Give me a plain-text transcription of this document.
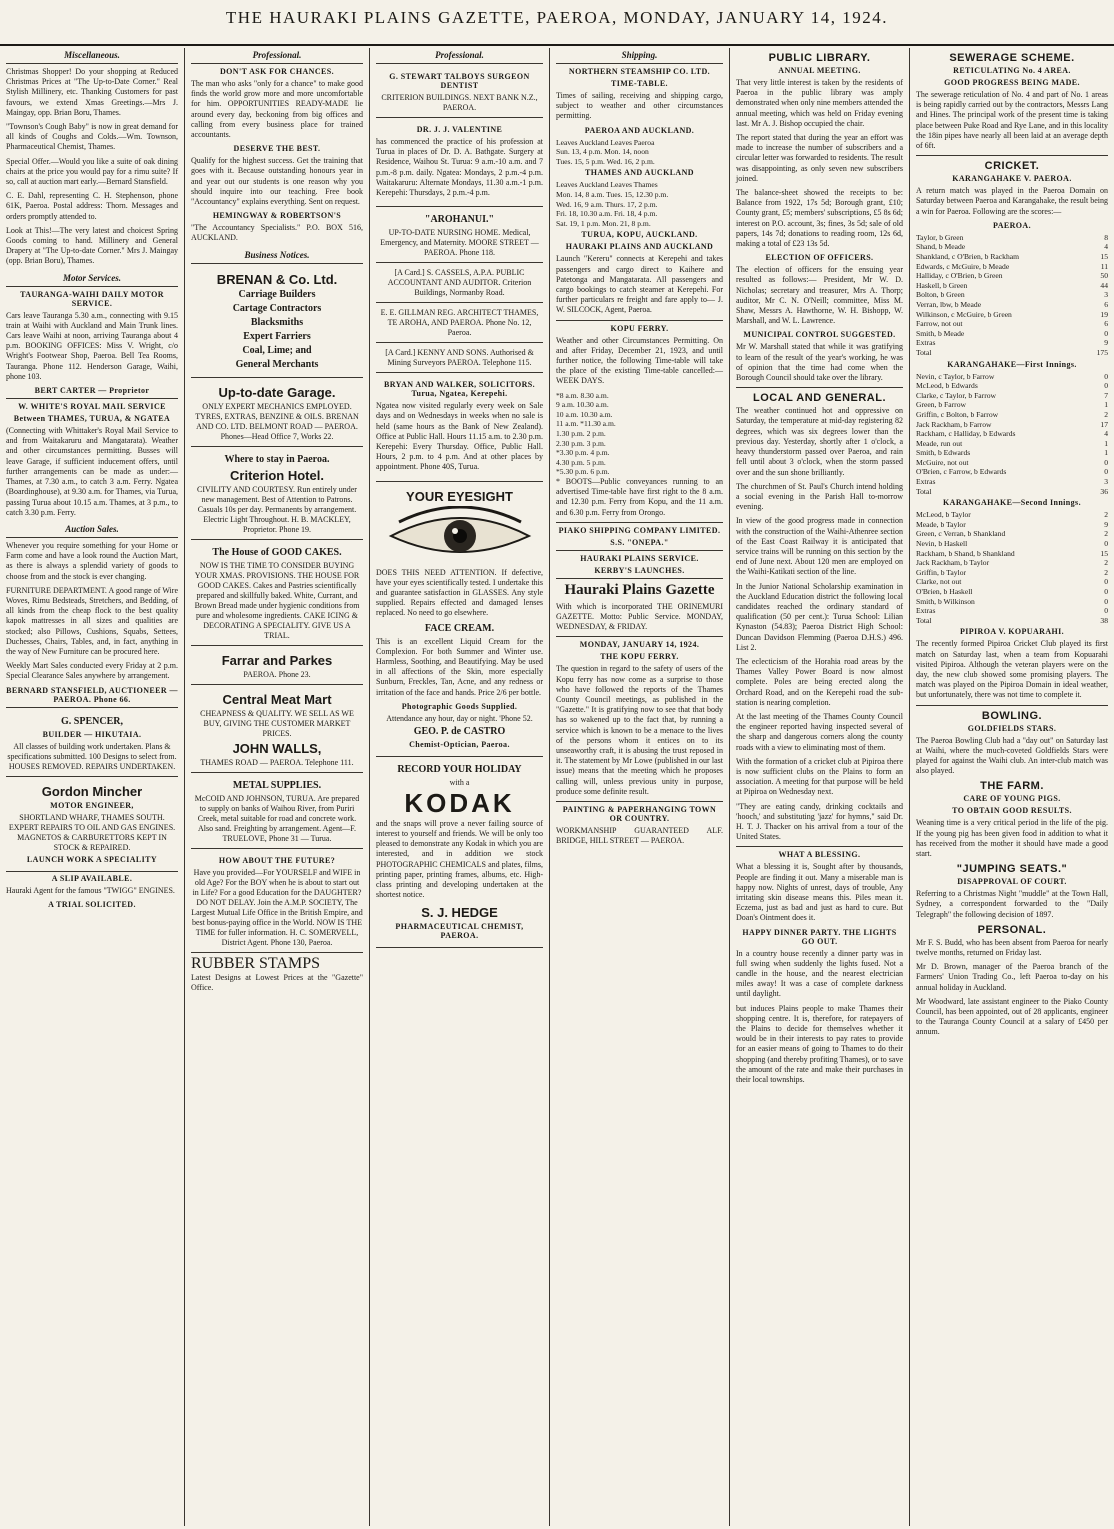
THE HAURAKI PLAINS GAZETTE, PAEROA, MONDAY, JANUARY 14, 1924.
Miscellaneous.

Christmas Shopper! Do your shopping at Reduced Christmas Prices at "The Up-to-Date Corner." Real Stylish Millinery, etc. Thanking Customers for past favours, we extend Xmas Greetings.—Mrs J. Maingay, opp. Brian Boru, Thames.

"Townson's Cough Baby" is now in great demand for all kinds of Coughs and Colds.—Wm. Townson, Pharmaceutical Chemist, Thames.

Special Offer.—Would you like a suite of oak dining chairs at the price you would pay for a rimu suite? If so, call at auction mart early.—Bernard Stansfield.

C. E. Dahl, representing C. H. Stephenson, phone 61K, Paeroa. Postal address: Thorn. Messages and orders promptly attended to.

Look at This!—The very latest and choicest Spring Goods coming to hand. Millinery and General Drapery at "The Up-to-date Corner." Mrs J. Maingay (opp. Brian Boru), Thames.

Motor Services.
TAURANGA-WAIHI DAILY MOTOR SERVICE.

Cars leave Tauranga 5.30 a.m., connecting with 9.15 train at Waihi with Auckland and Main Trunk lines. Cars leave Waihi at noon, arriving Tauranga about 4 p.m. BOOKING OFFICES: Miss V. Wright, c/o Wright's Footwear Shop, Paeroa. Bell Tea Rooms, Tauranga. Phone 112. Henderson Garage, Waihi, phone 103.

BERT CARTER — Proprietor
W. WHITE'S ROYAL MAIL SERVICE
Between THAMES, TURUA, & NGATEA

(Connecting with Whittaker's Royal Mail Service to and from Waitakaruru and Mangatarata). Weather and other circumstances permitting. Busses will leave Garage, if sufficient inducement offers, until further arrangements can be made as under:— Thames, at 7.30 a.m., to catch 3 a.m. Ferry. Ngatea (Boardinghouse), at 9.30 a.m. for Thames, via Turua, passing Turua about 10.15 a.m. Thames, at 3 p.m., to catch 3.30 p.m. Ferry.

Auction Sales.

Whenever you require something for your Home or Farm come and have a look round the Auction Mart, as there is always a splendid variety of goods to choose from and the stock is ever changing.

FURNITURE DEPARTMENT. A good range of Wire Woves, Rimu Bedsteads, Stretchers, and Bedding, of all kinds from the cheap flock to the best quality kapok mattresses in all sizes and qualities are stocked; also Pillows, Cushions, Squabs, Settees, Duchesses, Chairs, Tables, and, in fact, anything in the way of New Furniture can be procured here.

Weekly Mart Sales conducted every Friday at 2 p.m. Special Clearance Sales anywhere by arrangement.

BERNARD STANSFIELD, AUCTIONEER — PAEROA. Phone 66.
G. SPENCER,
BUILDER — HIKUTAIA.
All classes of building work undertaken. Plans & specifications submitted. 100 Designs to select from. HOUSES REMOVED. REPAIRS UNDERTAKEN.
Gordon Mincher
MOTOR ENGINEER,
SHORTLAND WHARF, THAMES SOUTH. EXPERT REPAIRS TO OIL AND GAS ENGINES. MAGNETOS & CARBURETTORS KEPT IN STOCK & REPAIRED.
LAUNCH WORK A SPECIALITY
A SLIP AVAILABLE.
Hauraki Agent for the famous "TWIGG" ENGINES.
A TRIAL SOLICITED.
Professional.
DON'T ASK FOR CHANCES.

The man who asks "only for a chance" to make good finds the world grow more and more uncomfortable for him. OPPORTUNITIES READY-MADE lie around every day, beckoning from big offices and calling from every business place for trained accountants.

DESERVE THE BEST.

Qualify for the highest success. Get the training that goes with it. Because outstanding honours year in and year out our students is one reason why you should inquire into our teaching. Free book "Accountancy" explains everything. Sent on request.

HEMINGWAY & ROBERTSON'S
"The Accountancy Specialists." P.O. BOX 516, AUCKLAND.
Business Notices.
BRENAN & Co. Ltd.
Carriage Builders
Cartage Contractors
Blacksmiths
Expert Farriers
Coal, Lime; and
General Merchants
Up-to-date Garage.
ONLY EXPERT MECHANICS EMPLOYED. TYRES, EXTRAS, BENZINE & OILS. BRENAN AND CO. LTD. BELMONT ROAD — PAEROA. Phones—Head Office 7, Works 22.
Where to stay in Paeroa.
Criterion Hotel.
CIVILITY AND COURTESY. Run entirely under new management. Best of Attention to Patrons. Casuals 10s per day. Permanents by arrangement. Electric Light Throughout. H. B. MACKLEY, Proprietor. Phone 19.
The House of GOOD CAKES.
NOW IS THE TIME TO CONSIDER BUYING YOUR XMAS. PROVISIONS. THE HOUSE FOR GOOD CAKES. Cakes and Pastries scientifically prepared and skillfully baked. White, Currant, and Brown Bread made under hygienic conditions from pure and wholesome ingredients. CAKE ICING & DECORATING A SPECIALITY. GIVE US A TRIAL.
Farrar and Parkes
PAEROA. Phone 23.
Central Meat Mart
CHEAPNESS & QUALITY. WE SELL AS WE BUY, GIVING THE CUSTOMER MARKET PRICES.
JOHN WALLS,
THAMES ROAD — PAEROA. Telephone 111.
METAL SUPPLIES.
McCOID AND JOHNSON, TURUA. Are prepared to supply on banks of Waihou River, from Puriri Creek, metal suitable for road and concrete work. Also sand. Freighting by arrangement. Agent—F. TRUELOVE, Phone 31 — Turua.
HOW ABOUT THE FUTURE?
Have you provided—For YOURSELF and WIFE in old Age? For the BOY when he is about to start out in Life? For a good Education for the DAUGHTER? DO NOT DELAY. Join the A.M.P. SOCIETY, The Largest Mutual Life Office in the British Empire, and best bonus-paying office in the World. NOW IS THE TIME for fuller information. H. C. SOMERVELL, District Agent. Phone 130, Paeroa.
RUBBER STAMPS
Latest Designs at Lowest Prices at the "Gazette" Office.
Professional.
G. STEWART TALBOYS SURGEON DENTIST
CRITERION BUILDINGS. NEXT BANK N.Z., PAEROA.
DR. J. J. VALENTINE

has commenced the practice of his profession at Turua in places of Dr. D. A. Bathgate. Surgery at Residence, Waihou St. Turua: 9 a.m.-10 a.m. and 7 p.m.-8 p.m. daily. Ngatea: Mondays, 2 p.m.-4 p.m. Waitakaruru: Alternate Mondays, 11.30 a.m.-1 p.m. Kerepehi: Thursdays, 2 p.m.-4 p.m.

"AROHANUI."
UP-TO-DATE NURSING HOME. Medical, Emergency, and Maternity. MOORE STREET — PAEROA. Phone 118.
[A Card.] S. CASSELS, A.P.A. PUBLIC ACCOUNTANT AND AUDITOR. Criterion Buildings, Normanby Road.
E. E. GILLMAN REG. ARCHITECT THAMES, TE AROHA, AND PAEROA. Phone No. 12, Paeroa.
[A Card.] KENNY AND SONS. Authorised & Mining Surveyors PAEROA. Telephone 115.
BRYAN AND WALKER, SOLICITORS. Turua, Ngatea, Kerepehi.

Ngatea now visited regularly every week on Sale days and on Wednesdays in weeks when no sale is held (same hours as the Bank of New Zealand). Office at Public Hall. Hours 11.15 a.m. to 2.30 p.m. Kerepehi: Every Thursday. Office, Public Hall. Hours, 2 p.m. to 4 p.m. And at other places by appointment. Phone 40S, Turua.

YOUR EYESIGHT

DOES THIS NEED ATTENTION. If defective, have your eyes scientifically tested. I undertake this and guarantee satisfaction in GLASSES. Any style supplied. Repairs effected and damaged lenses replaced. No need to go elsewhere.

FACE CREAM.

This is an excellent Liquid Cream for the Complexion. For both Summer and Winter use. Harmless, Soothing, and Beautifying. May be used in all affections of the Skin, more especially Sunburn, Freckles, Tan, Acne, and any redness or irritation of the face and hands. Price 2/6 per bottle.

Photographic Goods Supplied.
Attendance any hour, day or night. 'Phone 52.
GEO. P. de CASTRO
Chemist-Optician, Paeroa.
RECORD YOUR HOLIDAY
with a
KODAK

and the snaps will prove a never failing source of interest to yourself and friends. We will be only too pleased to demonstrate any Kodak in which you are interested, and in addition we stock PHOTOGRAPHIC CHEMICALS and plates, films, printing paper, printing frames, albums, etc. High-class printing and developing undertaken at the shortest notice.

S. J. HEDGE
PHARMACEUTICAL CHEMIST, PAEROA.
Shipping.
NORTHERN STEAMSHIP CO. LTD.
TIME-TABLE.

Times of sailing, receiving and shipping cargo, subject to weather and other circumstances permitting.

PAEROA AND AUCKLAND.
Leaves Auckland Leaves Paeroa
Sun. 13, 4 p.m. Mon. 14, noon
Tues. 15, 5 p.m. Wed. 16, 2 p.m.
THAMES AND AUCKLAND
Leaves Auckland Leaves Thames
Mon. 14, 8 a.m. Tues. 15, 12.30 p.m.
Wed. 16, 9 a.m. Thurs. 17, 2 p.m.
Fri. 18, 10.30 a.m. Fri. 18, 4 p.m.
Sat. 19, 1 p.m. Mon. 21, 8 p.m.
TURUA, KOPU, AUCKLAND.
HAURAKI PLAINS AND AUCKLAND

Launch "Kereru" connects at Kerepehi and takes passengers and cargo direct to Kaihere and Patetonga and Mangatarata. All passengers and cargo bookings to catch steamer at Kerepehi. For further particulars re freight and fare apply to— J. W. SILCOCK, Agent, Paeroa.

KOPU FERRY.

Weather and other Circumstances Permitting. On and after Friday, December 21, 1923, and until further notice, the following Time-table will take the place of the existing Time-table cancelled:— WEEK DAYS.

*8 a.m. 8.30 a.m.
9 a.m. 10.30 a.m.
10 a.m. 10.30 a.m.
11 a.m. *11.30 a.m.
1.30 p.m. 2 p.m.
2.30 p.m. 3 p.m.
*3.30 p.m. 4 p.m.
4.30 p.m. 5 p.m.
*5.30 p.m. 6 p.m.

* BOOTS—Public conveyances running to an advertised Time-table have first right to the 8 a.m. and 12.30 p.m. Ferry from Kopu, and the 11 a.m. and 6.30 p.m. Ferry from Orongo.

PIAKO SHIPPING COMPANY LIMITED.
S.S. "ONEPA."
HAURAKI PLAINS SERVICE.
KERBY'S LAUNCHES.
Hauraki Plains Gazette
With which is incorporated THE ORINEMURI GAZETTE. Motto: Public Service. MONDAY, WEDNESDAY, & FRIDAY.
MONDAY, JANUARY 14, 1924.
THE KOPU FERRY.

The question in regard to the safety of users of the Kopu ferry has now come as a surprise to those who have followed the reports of the Thames County Council meetings, as published in the "Gazette." It is gratifying now to see that that body has so wakened up to the fact that, by running a service which is known to be a menace to the lives of the persons whom it entices on to its unseaworthy craft, it is abusing the trust reposed in it. The statement by Mr Lowe (published in our last issue) means that the meeting which he proposes calling will, unless previous unity in purpose, produce some definite result.

PAINTING & PAPERHANGING TOWN OR COUNTRY.
WORKMANSHIP GUARANTEED ALF. BRIDGE, HILL STREET — PAEROA.
PUBLIC LIBRARY.
ANNUAL MEETING.

That very little interest is taken by the residents of Paeroa in the public library was amply demonstrated when only nine members attended the annual meeting, which was held on Friday evening last. Mr A. J. Bishop occupied the chair.

The report stated that during the year an effort was made to increase the number of subscribers and a circular letter was forwarded to residents. The result was disappointing, as only seven new subscribers joined.

The balance-sheet showed the receipts to be: Balance from 1922, 17s 5d; Borough grant, £10; County grant, £5; members' subscriptions, £5 8s 6d; interest on P.O. account, 3s; fines, 3s 5d; sale of old papers, 14s 7d; donations to reading room, 12s 6d, making a total of £23 13s 5d.

ELECTION OF OFFICERS.

The election of officers for the ensuing year resulted as follows:— President, Mr W. D. Nicholas; secretary and treasurer, Mrs A. Thorp; auditor, Mr C. N. O'Neill; committee, Miss M. Shaw, Messrs A. Hawthorne, W. H. Bishopp, W. Marshall, and W. L. Lawrence.

MUNICIPAL CONTROL SUGGESTED.

Mr W. Marshall stated that while it was gratifying to learn of the result of the year's working, he was of opinion that the time had come when the Borough Council should take over the library.

LOCAL AND GENERAL.

The weather continued hot and oppressive on Saturday, the temperature at mid-day registering 82 degrees, which was six degrees lower than the previous day. Yesterday, shortly after 1 o'clock, a heavy thunderstorm passed over Paeroa, and rain fell until about 3 o'clock, when the storm passed over and the sun shone brilliantly.

The churchmen of St. Paul's Church intend holding a social evening in the Parish Hall to-morrow evening.

In view of the good progress made in connection with the construction of the Waihi-Athenree section of the East Coast Railway it is anticipated that service trains will be running on this section by the end of June next. About 120 men are employed on the Waihi-Katikati section of the line.

In the Junior National Scholarship examination in the Auckland Education district the following local candidates reached the ordinary standard of qualification (50 per cent.): Turua School: Lilian Kynaston (54.83); Paeroa District High School: Duncan Davidson Flemming (Paeroa D.H.S.) 496. List 2.

The eclecticism of the Horahia road areas by the Thames Valley Power Board is now almost complete. Poles are being erected along the Orchard Road, and on the Kerepehi road the sub-station is nearing completion.

At the last meeting of the Thames County Council the engineer reported having inspected several of the sharp and dangerous corners along the county roads with a view to eliminating most of them.

With the formation of a cricket club at Pipiroa there is now sufficient clubs on the Plains to form an association. A meeting for that purpose will be held at Pipiroa on Wednesday next.

"They are eating candy, drinking cocktails and 'hooch,' and substituting 'jazz' for hymns," said Dr. H. T. J. Thacker on his arrival from a tour of the United States.

WHAT A BLESSING.

What a blessing it is, Sought after by thousands, People are finding it out. Many a miserable man is happy now. Nights of unrest, days of trouble, Any irritating skin disease means this. Piles mean it. Eczema, just as bad and just as hard to cure. But Doan's Ointment does it.

HAPPY DINNER PARTY. THE LIGHTS GO OUT.

In a country house recently a dinner party was in full swing when suddenly the lights fused. Not a candle in the house, and the nearest electrician miles away! It was a case of complete darkness until daylight.

but induces Plains people to make Thames their shopping centre. It is, therefore, for ratepayers of the Plains to decide for themselves whether it would be in their interests to pay rates to provide for an easier means of going to Thames to do their shopping (and thereby profiting Thames), or to save the amount of the rate and make their purchases in their local townships.

SEWERAGE SCHEME.
RETICULATING No. 4 AREA.
GOOD PROGRESS BEING MADE.

The sewerage reticulation of No. 4 and part of No. 1 areas is being rapidly carried out by the contractors, Messrs Lang and Hines. The principal work of the present time is taking place between Puke Road and Rye Lane, and in this locality the 18in pipes have nearly all been laid at an average depth of 6ft.

CRICKET.
KARANGAHAKE V. PAEROA.

A return match was played in the Paeroa Domain on Saturday between Paeroa and Karangahake, the result being a win for Paeroa. Following are the scores:—

PAEROA.
Taylor, b Green	8
Shand, b Meade	4
Shankland, c O'Brien, b Rackham	15
Edwards, c McGuire, b Meade	11
Halliday, c O'Brien, b Green	50
Haskell, b Green	44
Bolton, b Green	3
Verran, lbw, b Meade	6
Wilkinson, c McGuire, b Green	19
Farrow, not out	6
Smith, b Meade	0
Extras	9
Total	175
KARANGAHAKE—First Innings.
Nevin, c Taylor, b Farrow	0
McLeod, b Edwards	0
Clarke, c Taylor, b Farrow	7
Green, b Farrow	1
Griffin, c Bolton, b Farrow	2
Jack Rackham, b Farrow	17
Rackham, c Halliday, b Edwards	4
Meade, run out	1
Smith, b Edwards	1
McGuire, not out	0
O'Brien, c Farrow, b Edwards	0
Extras	3
Total	36
KARANGAHAKE—Second Innings.
McLeod, b Taylor	2
Meade, b Taylor	9
Green, c Verran, b Shankland	2
Nevin, b Haskell	0
Rackham, b Shand, b Shankland	15
Jack Rackham, b Taylor	2
Griffin, b Taylor	2
Clarke, not out	0
O'Brien, b Haskell	0
Smith, b Wilkinson	0
Extras	0
Total	38
PIPIROA V. KOPUARAHI.

The recently formed Pipiroa Cricket Club played its first match on Saturday last, when a team from Kopuarahi visited Pipiroa. Although the veteran players were on the day, the new club showed some promising players. The match was played on the Pipiroa Domain in ideal weather, but unfortunately, there was not time to complete it.

BOWLING.
GOLDFIELDS STARS.

The Paeroa Bowling Club had a "day out" on Saturday last at Waihi, where the much-coveted Goldfields Stars were played for against the Waihi club. An inter-club match was also played.

THE FARM.
CARE OF YOUNG PIGS.
TO OBTAIN GOOD RESULTS.

Weaning time is a very critical period in the life of the pig. If the young pig has been given food in addition to what it has received from the mother it should have made a good start.

"JUMPING SEATS."
DISAPPROVAL OF COURT.

Referring to a Christmas Night "muddle" at the Town Hall, Sydney, a correspondent forwarded to the "Daily Telegraph" the following decision of 1897.

PERSONAL.

Mr F. S. Budd, who has been absent from Paeroa for nearly twelve months, returned on Friday last.

Mr D. Brown, manager of the Paeroa branch of the Farmers' Union Trading Co., left Paeroa to-day on his annual holiday in Auckland.

Mr Woodward, late assistant engineer to the Piako County Council, has been appointed, out of 28 applicants, engineer to the Tauranga County Council at a salary of £450 per annum.
